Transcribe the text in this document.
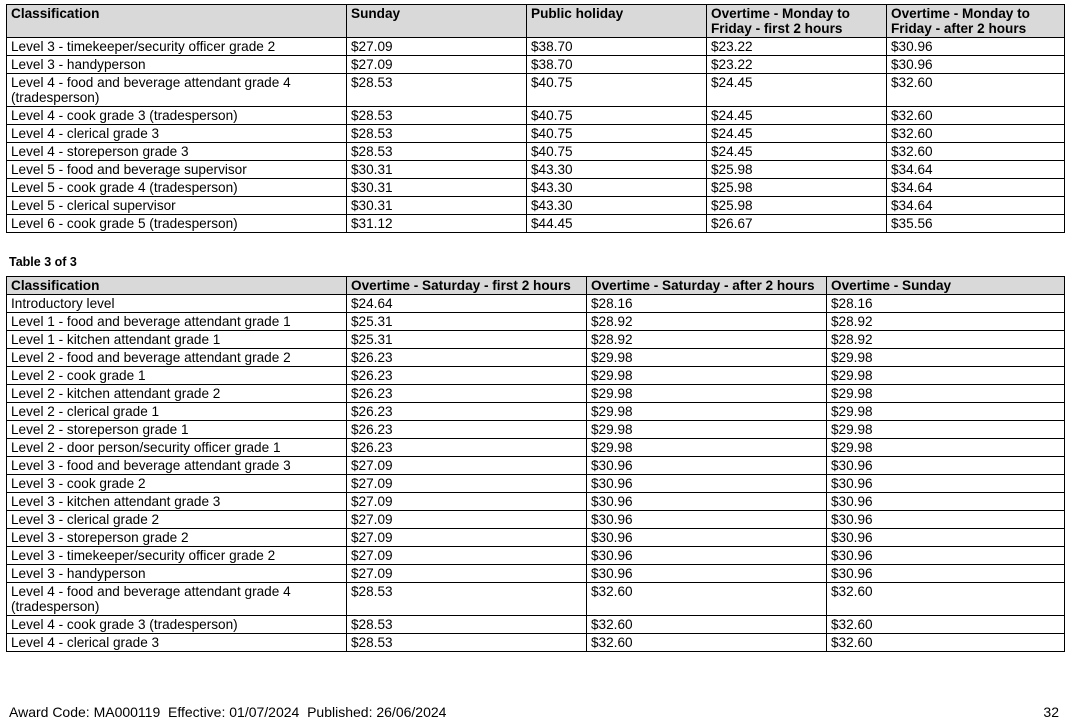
Classification	Sunday	Public holiday	Overtime - Monday to Friday - first 2 hours	Overtime - Monday to Friday - after 2 hours
Level 3 - timekeeper/security officer grade 2	$27.09	$38.70	$23.22	$30.96
Level 3 - handyperson	$27.09	$38.70	$23.22	$30.96
Level 4 - food and beverage attendant grade 4 (tradesperson)	$28.53	$40.75	$24.45	$32.60
Level 4 - cook grade 3 (tradesperson)	$28.53	$40.75	$24.45	$32.60
Level 4 - clerical grade 3	$28.53	$40.75	$24.45	$32.60
Level 4 - storeperson grade 3	$28.53	$40.75	$24.45	$32.60
Level 5 - food and beverage supervisor	$30.31	$43.30	$25.98	$34.64
Level 5 - cook grade 4 (tradesperson)	$30.31	$43.30	$25.98	$34.64
Level 5 - clerical supervisor	$30.31	$43.30	$25.98	$34.64
Level 6 - cook grade 5 (tradesperson)	$31.12	$44.45	$26.67	$35.56
Table 3 of 3
Classification	Overtime - Saturday - first 2 hours	Overtime - Saturday - after 2 hours	Overtime - Sunday
Introductory level	$24.64	$28.16	$28.16
Level 1 - food and beverage attendant grade 1	$25.31	$28.92	$28.92
Level 1 - kitchen attendant grade 1	$25.31	$28.92	$28.92
Level 2 - food and beverage attendant grade 2	$26.23	$29.98	$29.98
Level 2 - cook grade 1	$26.23	$29.98	$29.98
Level 2 - kitchen attendant grade 2	$26.23	$29.98	$29.98
Level 2 - clerical grade 1	$26.23	$29.98	$29.98
Level 2 - storeperson grade 1	$26.23	$29.98	$29.98
Level 2 - door person/security officer grade 1	$26.23	$29.98	$29.98
Level 3 - food and beverage attendant grade 3	$27.09	$30.96	$30.96
Level 3 - cook grade 2	$27.09	$30.96	$30.96
Level 3 - kitchen attendant grade 3	$27.09	$30.96	$30.96
Level 3 - clerical grade 2	$27.09	$30.96	$30.96
Level 3 - storeperson grade 2	$27.09	$30.96	$30.96
Level 3 - timekeeper/security officer grade 2	$27.09	$30.96	$30.96
Level 3 - handyperson	$27.09	$30.96	$30.96
Level 4 - food and beverage attendant grade 4 (tradesperson)	$28.53	$32.60	$32.60
Level 4 - cook grade 3 (tradesperson)	$28.53	$32.60	$32.60
Level 4 - clerical grade 3	$28.53	$32.60	$32.60
Award Code: MA000119  Effective: 01/07/2024  Published: 26/06/2024	32
